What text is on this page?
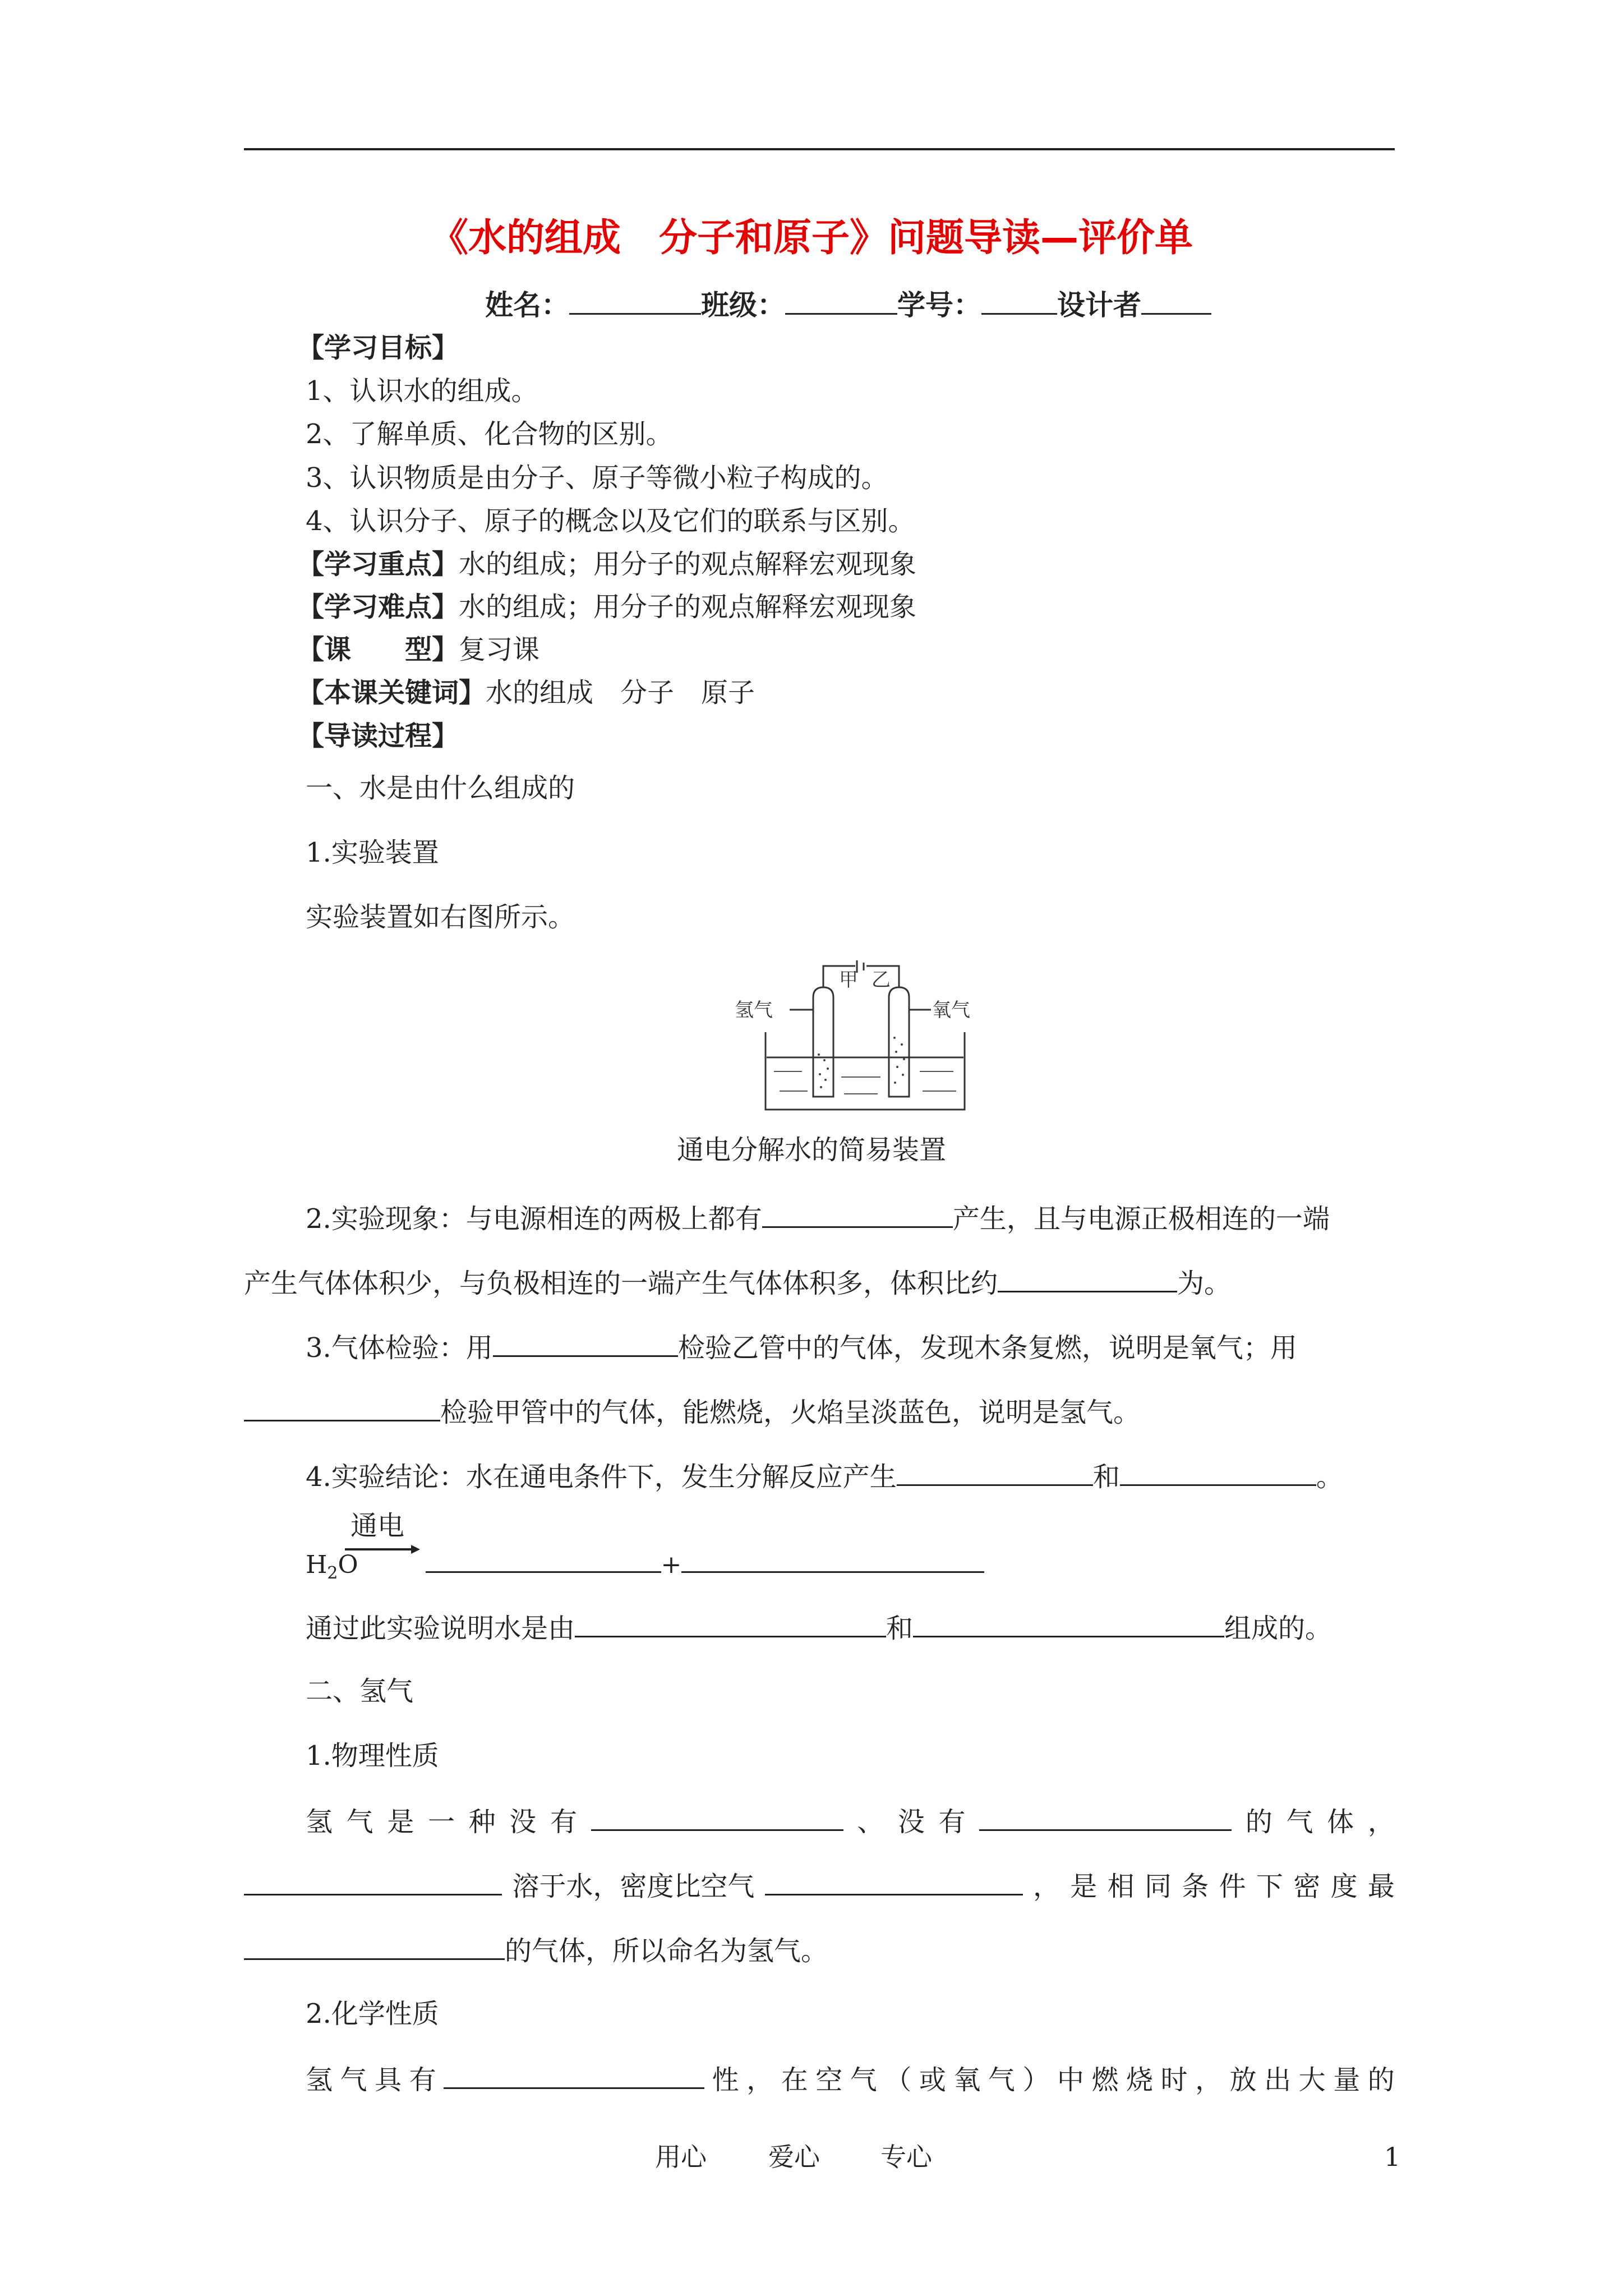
《水的组成　分子和原子》问题导读—评价单
姓名：	班级：	学号：	设计者
【学习目标】
1、认识水的组成。
2、了解单质、化合物的区别。
3、认识物质是由分子、原子等微小粒子构成的。
4、认识分子、原子的概念以及它们的联系与区别。
【学习重点】水的组成；用分子的观点解释宏观现象
【学习难点】水的组成；用分子的观点解释宏观现象
【课　　型】复习课
【本课关键词】水的组成　分子　原子
【导读过程】
一、水是由什么组成的
1.实验装置
实验装置如右图所示。
氢气	氧气
甲 乙
通电分解水的简易装置
2.实验现象：与电源相连的两极上都有	产生，且与电源正极相连的一端
产生气体体积少，与负极相连的一端产生气体体积多，体积比约	为。
3.气体检验：用	检验乙管中的气体，发现木条复燃，说明是氧气；用
检验甲管中的气体，能燃烧，火焰呈淡蓝色，说明是氢气。
4.实验结论：水在通电条件下，发生分解反应产生	和	。
$H_2O$	+
通电
通过此实验说明水是由	和	组成的。
二、氢气
1.物理性质
氢 气 是 一 种 没 有	、 没 有	的 气 体 ，
溶于水，密度比空气	， 是 相 同 条 件 下 密 度 最
的气体，所以命名为氢气。
2.化学性质
氢 气 具 有	性 ， 在 空 气 （ 或 氧 气 ） 中 燃 烧 时 ， 放 出 大 量 的
用心 爱心 专心	1
